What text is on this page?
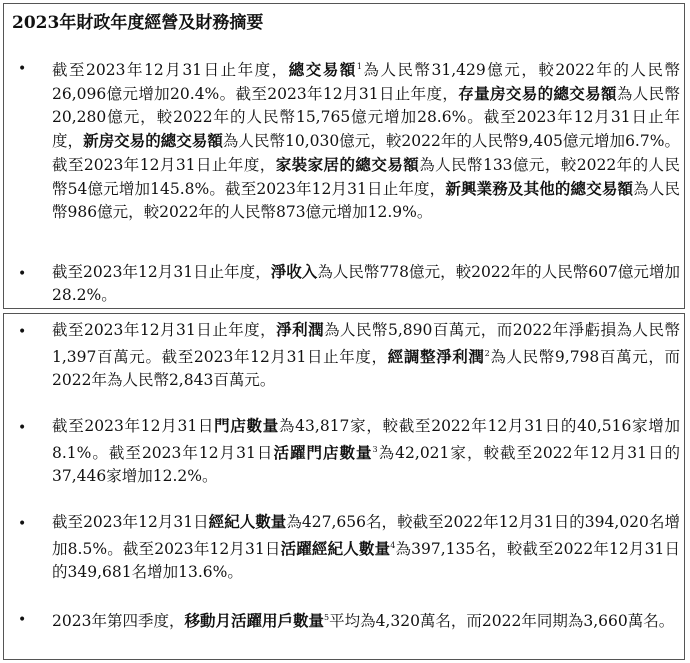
2023年財政年度經營及財務摘要
• 截至2023年12月31日止年度，總交易額$^1$為人民幣31,429億元，較2022年的人民幣26,096億元增加20.4%。截至2023年12月31日止年度，存量房交易的總交易額為人民幣20,280億元，較2022年的人民幣15,765億元增加28.6%。截至2023年12月31日止年度，新房交易的總交易額為人民幣10,030億元，較2022年的人民幣9,405億元增加6.7%。截至2023年12月31日止年度，家裝家居的總交易額為人民幣133億元，較2022年的人民幣54億元增加145.8%。截至2023年12月31日止年度，新興業務及其他的總交易額為人民幣986億元，較2022年的人民幣873億元增加12.9%。
• 截至2023年12月31日止年度，淨收入為人民幣778億元，較2022年的人民幣607億元增加28.2%。
• 截至2023年12月31日止年度，淨利潤為人民幣5,890百萬元，而2022年淨虧損為人民幣1,397百萬元。截至2023年12月31日止年度，經調整淨利潤$^2$為人民幣9,798百萬元，而2022年為人民幣2,843百萬元。
• 截至2023年12月31日門店數量為43,817家，較截至2022年12月31日的40,516家增加8.1%。截至2023年12月31日活躍門店數量$^3$為42,021家，較截至2022年12月31日的37,446家增加12.2%。
• 截至2023年12月31日經紀人數量為427,656名，較截至2022年12月31日的394,020名增加8.5%。截至2023年12月31日活躍經紀人數量$^4$為397,135名，較截至2022年12月31日的349,681名增加13.6%。
• 2023年第四季度，移動月活躍用戶數量$^5$平均為4,320萬名，而2022年同期為3,660萬名。
